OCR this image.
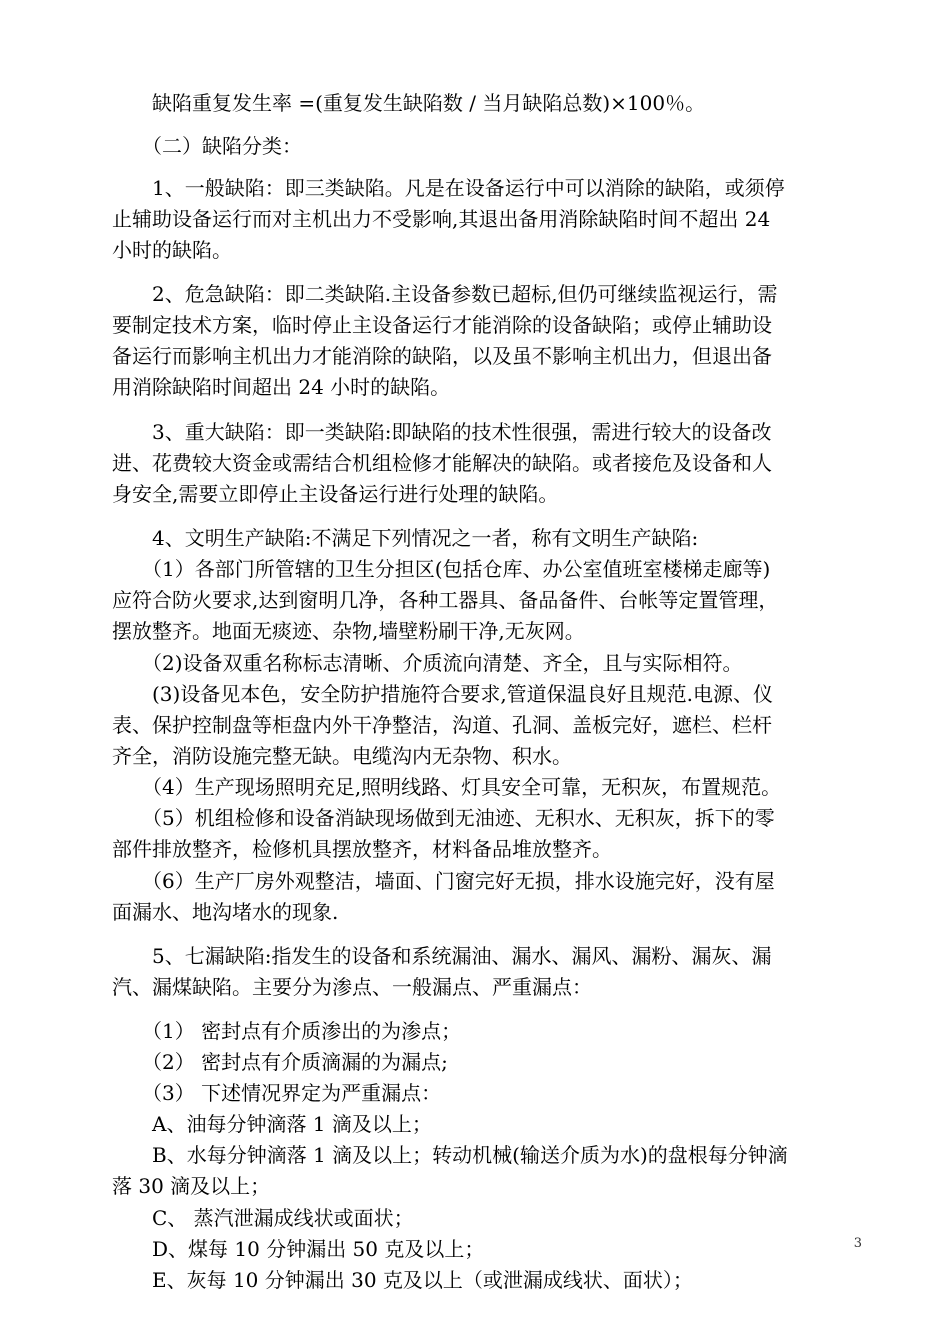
　　缺陷重复发生率 =(重复发生缺陷数 / 当月缺陷总数)×100％。
　　（二）缺陷分类：
　　1、一般缺陷：即三类缺陷。凡是在设备运行中可以消除的缺陷，或须停
止辅助设备运行而对主机出力不受影响,其退出备用消除缺陷时间不超出 24
小时的缺陷。
　　2、危急缺陷：即二类缺陷.主设备参数已超标,但仍可继续监视运行，需
要制定技术方案，临时停止主设备运行才能消除的设备缺陷；或停止辅助设
备运行而影响主机出力才能消除的缺陷，以及虽不影响主机出力，但退出备
用消除缺陷时间超出 24 小时的缺陷。
　　3、重大缺陷：即一类缺陷:即缺陷的技术性很强，需进行较大的设备改
进、花费较大资金或需结合机组检修才能解决的缺陷。或者接危及设备和人
身安全,需要立即停止主设备运行进行处理的缺陷。
　　4、文明生产缺陷:不满足下列情况之一者，称有文明生产缺陷:
　　（1）各部门所管辖的卫生分担区(包括仓库、办公室值班室楼梯走廊等)
应符合防火要求,达到窗明几净，各种工器具、备品备件、台帐等定置管理，
摆放整齐。地面无痰迹、杂物,墙壁粉刷干净,无灰网。
　　（2)设备双重名称标志清晰、介质流向清楚、齐全，且与实际相符。
　　(3)设备见本色，安全防护措施符合要求,管道保温良好且规范.电源、仪
表、保护控制盘等柜盘内外干净整洁，沟道、孔洞、盖板完好，遮栏、栏杆
齐全，消防设施完整无缺。电缆沟内无杂物、积水。
　　（4）生产现场照明充足,照明线路、灯具安全可靠，无积灰，布置规范。
　　（5）机组检修和设备消缺现场做到无油迹、无积水、无积灰，拆下的零
部件排放整齐，检修机具摆放整齐，材料备品堆放整齐。
　　（6）生产厂房外观整洁，墙面、门窗完好无损，排水设施完好，没有屋
面漏水、地沟堵水的现象.
　　5、七漏缺陷:指发生的设备和系统漏油、漏水、漏风、漏粉、漏灰、漏
汽、漏煤缺陷。主要分为渗点、一般漏点、严重漏点：
　　（1） 密封点有介质渗出的为渗点；
　　（2） 密封点有介质滴漏的为漏点;
　　（3） 下述情况界定为严重漏点：
　　A、油每分钟滴落 1 滴及以上；
　　B、水每分钟滴落 1 滴及以上；转动机械(输送介质为水)的盘根每分钟滴
落 30 滴及以上；
　　C、 蒸汽泄漏成线状或面状；
　　D、煤每 10 分钟漏出 50 克及以上；
　　E、灰每 10 分钟漏出 30 克及以上（或泄漏成线状、面状）；
3
